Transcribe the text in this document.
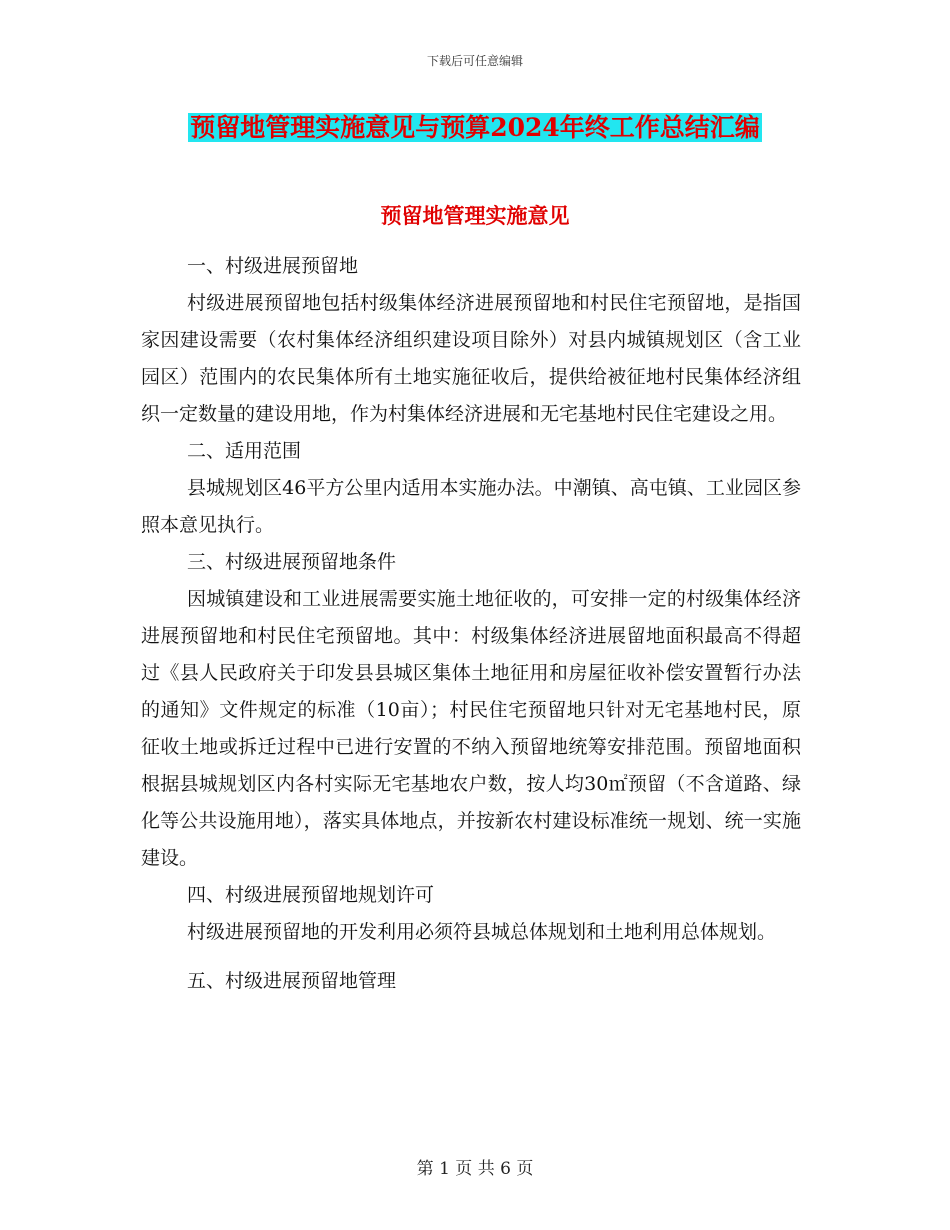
下载后可任意编辑
预留地管理实施意见与预算2024年终工作总结汇编
预留地管理实施意见

一、村级进展预留地

村级进展预留地包括村级集体经济进展预留地和村民住宅预留地，是指国家因建设需要（农村集体经济组织建设项目除外）对县内城镇规划区（含工业园区）范围内的农民集体所有土地实施征收后，提供给被征地村民集体经济组织一定数量的建设用地，作为村集体经济进展和无宅基地村民住宅建设之用。

二、适用范围

县城规划区46平方公里内适用本实施办法。中潮镇、高屯镇、工业园区参照本意见执行。

三、村级进展预留地条件

因城镇建设和工业进展需要实施土地征收的，可安排一定的村级集体经济进展预留地和村民住宅预留地。其中：村级集体经济进展留地面积最高不得超过《县人民政府关于印发县县城区集体土地征用和房屋征收补偿安置暂行办法的通知》文件规定的标准（10亩）；村民住宅预留地只针对无宅基地村民，原征收土地或拆迁过程中已进行安置的不纳入预留地统筹安排范围。预留地面积根据县城规划区内各村实际无宅基地农户数，按人均30㎡预留（不含道路、绿化等公共设施用地），落实具体地点，并按新农村建设标准统一规划、统一实施建设。

四、村级进展预留地规划许可

村级进展预留地的开发利用必须符县城总体规划和土地利用总体规划。

五、村级进展预留地管理

第 1 页 共 6 页
